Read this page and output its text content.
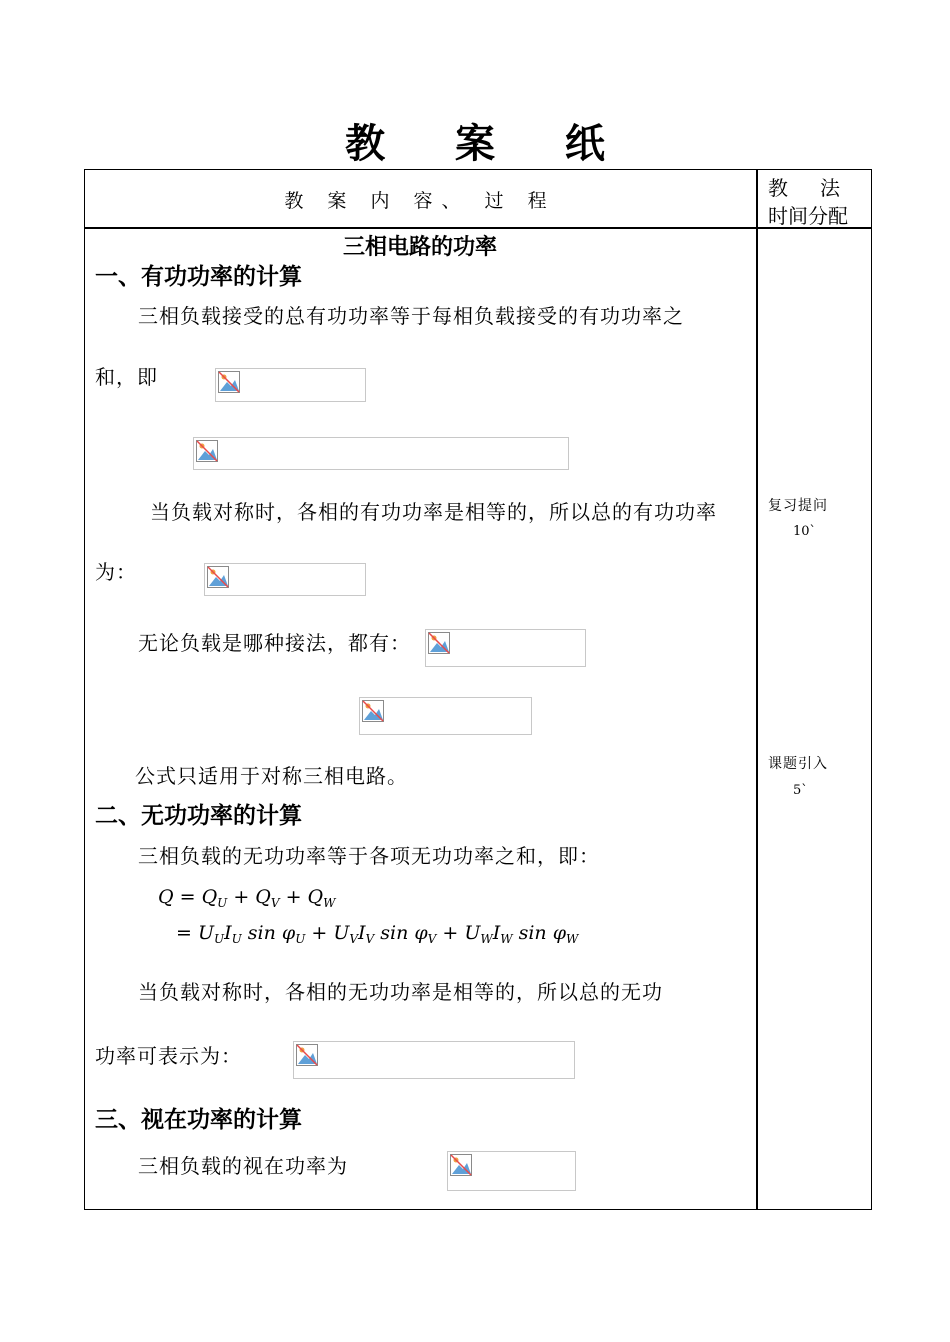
教 案 纸
教 案 内 容、 过 程
教 法
时间分配
三相电路的功率
一、有功功率的计算
三相负载接受的总有功功率等于每相负载接受的有功功率之
和，即
当负载对称时，各相的有功功率是相等的，所以总的有功功率
为：
无论负载是哪种接法，都有：
公式只适用于对称三相电路。
二、无功功率的计算
三相负载的无功功率等于各项无功功率之和，即：
$Q = Q_U + Q_V + Q_W$
= $U_UI_U$ $\sin \varphi_U + U_VI_V$ $\sin \varphi_V + U_WI_W$ $\sin \varphi_W$
当负载对称时，各相的无功功率是相等的，所以总的无功
功率可表示为：
三、视在功率的计算
三相负载的视在功率为
复习提问
10`
课题引入
5`
